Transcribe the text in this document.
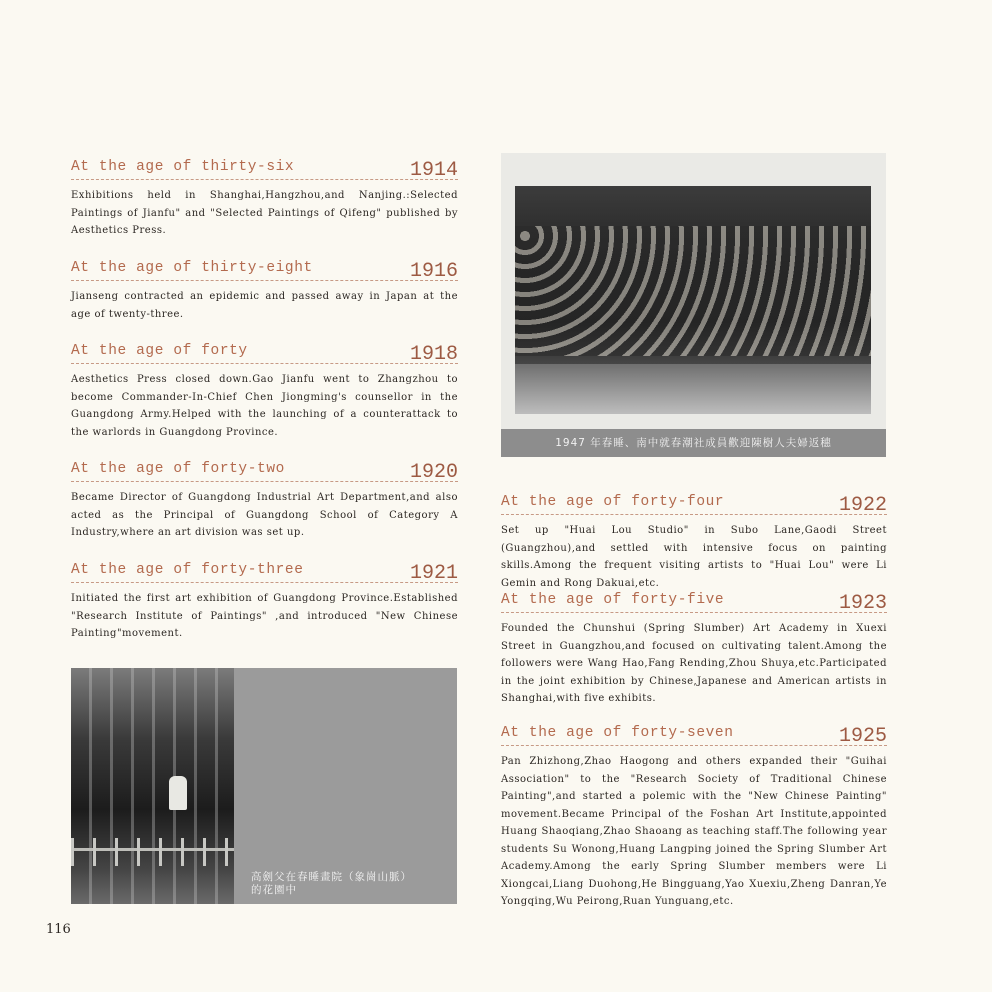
At the age of thirty-six	1914
Exhibitions held in Shanghai,Hangzhou,and Nanjing.:Selected Paintings of Jianfu" and "Selected Paintings of Qifeng" published by Aesthetics Press.
At the age of thirty-eight	1916
Jianseng contracted an epidemic and passed away in Japan at the age of twenty-three.
At the age of forty	1918
Aesthetics Press closed down.Gao Jianfu went to Zhangzhou to become Commander-In-Chief Chen Jiongming's counsellor in the Guangdong Army.Helped with the launching of a counterattack to the warlords in Guangdong Province.
At the age of forty-two	1920
Became Director of Guangdong Industrial Art Department,and also acted as the Principal of Guangdong School of Category A Industry,where an art division was set up.
At the age of forty-three	1921
Initiated the first art exhibition of Guangdong Province.Established "Research Institute of Paintings" ,and introduced "New Chinese Painting"movement.
高劍父在春睡畫院（象崗山脈）
的花園中
1947 年春睡、南中就春潮社成員歡迎陳樹人夫婦返穗
At the age of forty-four	1922
Set up "Huai Lou Studio" in Subo Lane,Gaodi Street (Guangzhou),and settled with intensive focus on painting skills.Among the frequent visiting artists to "Huai Lou" were Li Gemin and Rong Dakuai,etc.
At the age of forty-five	1923
Founded the Chunshui (Spring Slumber) Art Academy in Xuexi Street in Guangzhou,and focused on cultivating talent.Among the followers were Wang Hao,Fang Rending,Zhou Shuya,etc.Participated in the joint exhibition by Chinese,Japanese and American artists in Shanghai,with five exhibits.
At the age of forty-seven	1925
Pan Zhizhong,Zhao Haogong and others expanded their "Guihai Association" to the "Research Society of Traditional Chinese Painting",and started a polemic with the "New Chinese Painting" movement.Became Principal of the Foshan Art Institute,appointed Huang Shaoqiang,Zhao Shaoang as teaching staff.The following year students Su Wonong,Huang Langping joined the Spring Slumber Art Academy.Among the early Spring Slumber members were Li Xiongcai,Liang Duohong,He Bingguang,Yao Xuexiu,Zheng Danran,Ye Yongqing,Wu Peirong,Ruan Yunguang,etc.
116
